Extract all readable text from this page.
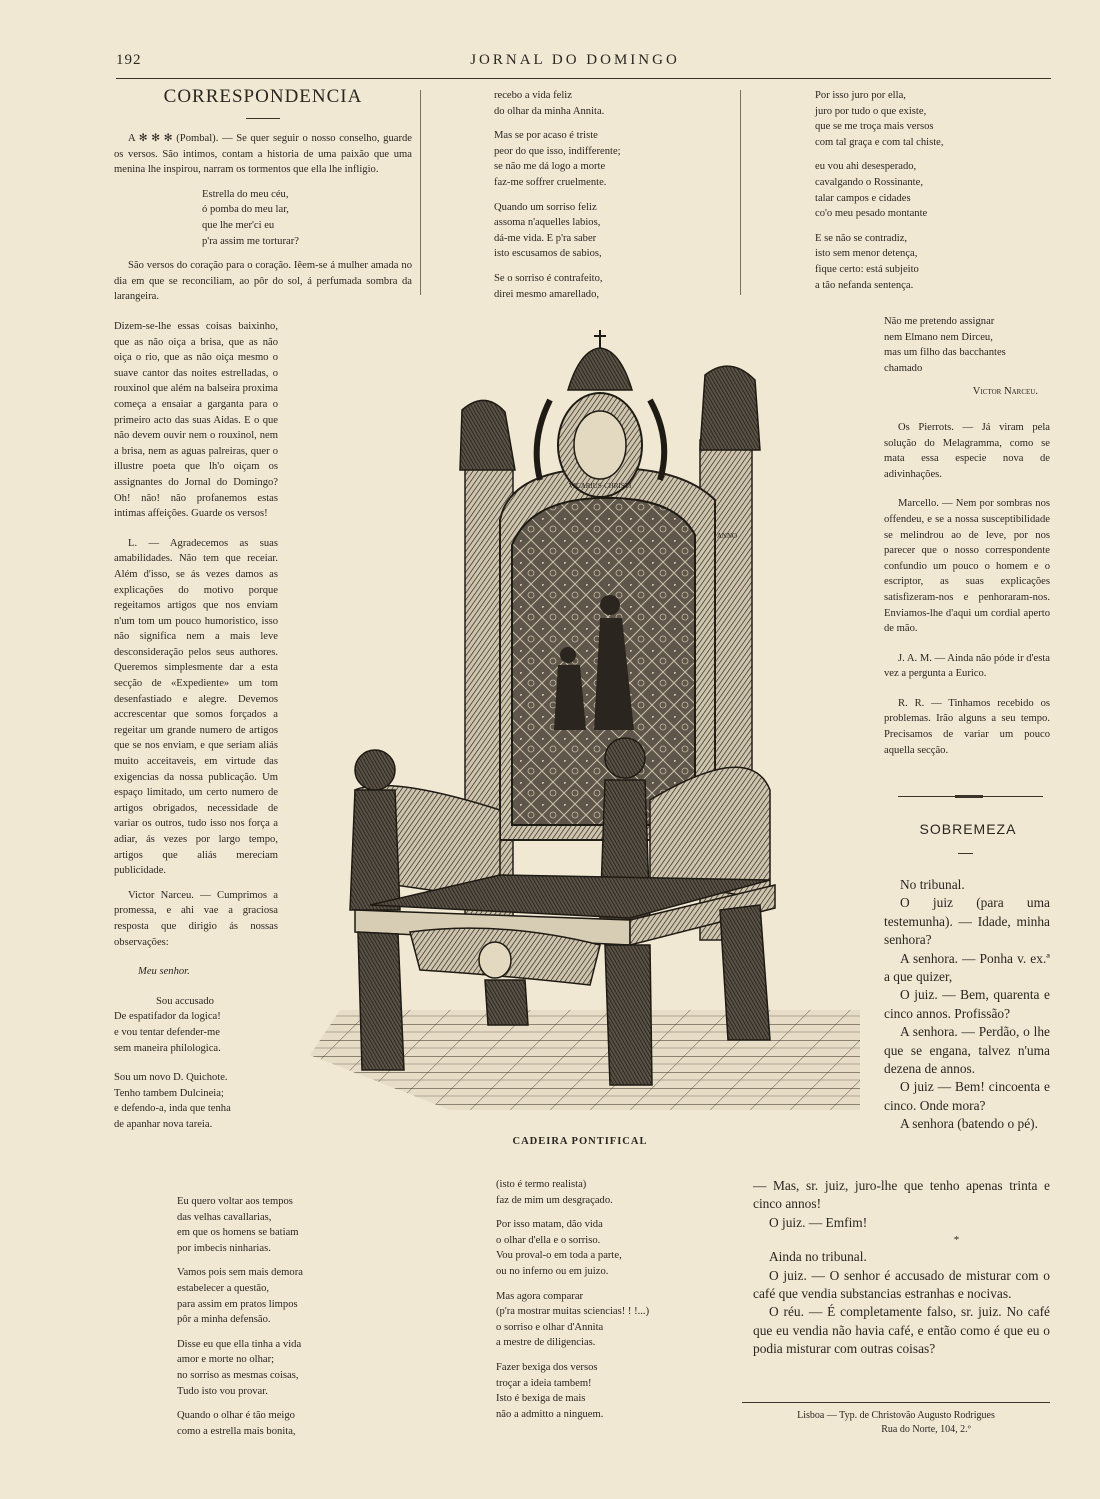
192	JORNAL DO DOMINGO
CORRESPONDENCIA

A ✻ ✻ ✻ (Pombal). — Se quer seguir o nosso conselho, guarde os versos. São intimos, contam a historia de uma paixão que uma menina lhe inspirou, narram os tormentos que ella lhe infligio.

Estrella do meu céu,
ó pomba do meu lar,
que lhe mer'ci eu
p'ra assim me torturar?

São versos do coração para o coração. Iêem-se á mulher amada no dia em que se reconciliam, ao pôr do sol, á perfumada sombra da larangeira.

Dizem-se-lhe essas coisas baixinho, que as não oiça a brisa, que as não oiça o rio, que as não oiça mesmo o suave cantor das noites estrelladas, o rouxinol que além na balseira proxima começa a ensaiar a garganta para o primeiro acto das suas Aidas. E o que não devem ouvir nem o rouxinol, nem a brisa, nem as aguas palreiras, quer o illustre poeta que lh'o oiçam os assignantes do Jornal do Domingo? Oh! não! não profanemos estas intimas affeições. Guarde os versos!

L. — Agradecemos as suas amabilidades. Não tem que receiar. Além d'isso, se ás vezes damos as explicações do motivo porque regeitamos artigos que nos enviam n'um tom um pouco humoristico, isso não significa nem a mais leve desconsideração pelos seus authores. Queremos simplesmente dar a esta secção de «Expediente» um tom desenfastiado e alegre. Devemos accrescentar que somos forçados a regeitar um grande numero de artigos que se nos enviam, e que seriam aliás muito acceitaveis, em virtude das exigencias da nossa publicação. Um espaço limitado, um certo numero de artigos obrigados, necessidade de variar os outros, tudo isso nos força a adiar, ás vezes por largo tempo, artigos que aliás mereciam publicidade.

Victor Narceu. — Cumprimos a promessa, e ahi vae a graciosa resposta que dirigio ás nossas observações:

Meu senhor.

Sou accusado
De espatifador da logica!
e vou tentar defender-me
sem maneira philologica.
Sou um novo D. Quichote.
Tenho tambem Dulcineia;
e defendo-a, inda que tenha
de apanhar nova tareia.
Eu quero voltar aos tempos
das velhas cavallarias,
em que os homens se batiam
por imbecis ninharias.
Vamos pois sem mais demora
estabelecer a questão,
para assim em pratos limpos
pôr a minha defensão.
Disse eu que ella tinha a vida
amor e morte no olhar;
no sorriso as mesmas coisas,
Tudo isto vou provar.
Quando o olhar é tão meigo
como a estrella mais bonita,
recebo a vida feliz
do olhar da minha Annita.
Mas se por acaso é triste
peor do que isso, indifferente;
se não me dá logo a morte
faz-me soffrer cruelmente.
Quando um sorriso feliz
assoma n'aquelles labios,
dá-me vida. E p'ra saber
isto escusamos de sabios,
Se o sorriso é contrafeito,
direi mesmo amarellado,
Por isso juro por ella,
juro por tudo o que existe,
que se me troça mais versos
com tal graça e com tal chiste,
eu vou ahi desesperado,
cavalgando o Rossinante,
talar campos e cidades
co'o meu pesado montante
E se não se contradiz,
isto sem menor detença,
fique certo: está subjeito
a tão nefanda sentença.
Não me pretendo assignar
nem Elmano nem Dirceu,
mas um filho das bacchantes
chamado

Victor Narceu.

Os Pierrots. — Já viram pela solução do Melagramma, como se mata essa especie nova de adivinhações.

Marcello. — Nem por sombras nos offendeu, e se a nossa susceptibilidade se melindrou ao de leve, por nos parecer que o nosso correspondente confundio um pouco o homem e o escriptor, as suas explicações satisfizeram-nos e penhoraram-nos. Enviamos-lhe d'aqui um cordial aperto de mão.

J. A. M. — Ainda não póde ir d'esta vez a pergunta a Eurico.

R. R. — Tinhamos recebido os problemas. Irão alguns a seu tempo. Precisamos de variar um pouco aquella secção.

SOBREMEZA

No tribunal.

O juiz (para uma testemunha). — Idade, minha senhora?

A senhora. — Ponha v. ex.ª a que quizer,

O juiz. — Bem, quarenta e cinco annos. Profissão?

A senhora. — Perdão, o lhe que se engana, talvez n'uma dezena de annos.

O juiz — Bem! cincoenta e cinco. Onde mora?

A senhora (batendo o pé).

— Mas, sr. juiz, juro-lhe que tenho apenas trinta e cinco annos!

O juiz. — Emfim!

*

Ainda no tribunal.

O juiz. — O senhor é accusado de misturar com o café que vendia substancias estranhas e nocivas.

O réu. — É completamente falso, sr. juiz. No café que eu vendia não havia café, e então como é que eu o podia misturar com outras coisas?

Lisboa — Typ. de Christovão Augusto Rodrigues
Rua do Norte, 104, 2.º
CADEIRA PONTIFICAL
(isto é termo realista)
faz de mim um desgraçado.
Por isso matam, dão vida
o olhar d'ella e o sorriso.
Vou proval-o em toda a parte,
ou no inferno ou em juizo.
Mas agora comparar
(p'ra mostrar muitas sciencias! ! !...)
o sorriso e olhar d'Annita
a mestre de diligencias.
Fazer bexiga dos versos
troçar a ideia tambem!
Isto é bexiga de mais
não a admitto a ninguem.
VICARIUS·CHRISTI
ANNO
